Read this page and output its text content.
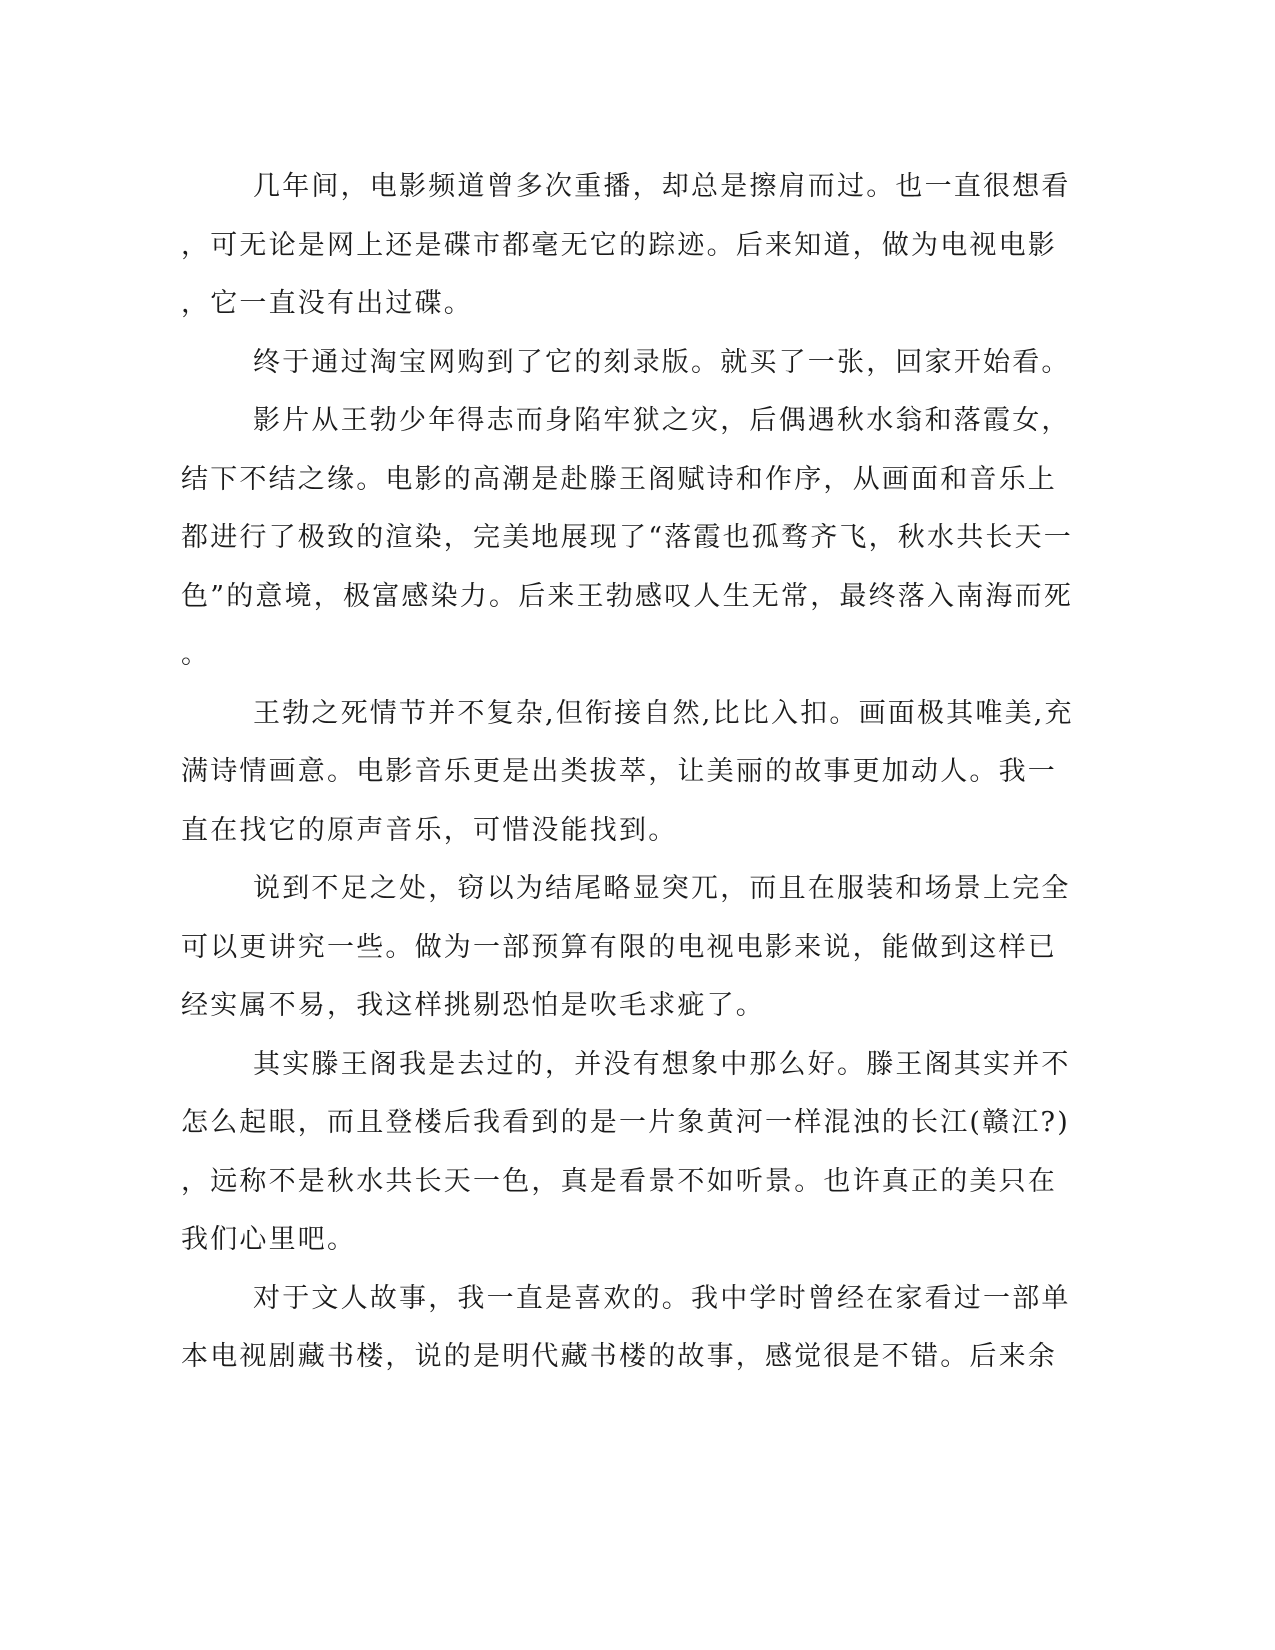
几年间，电影频道曾多次重播，却总是擦肩而过。也一直很想看
，可无论是网上还是碟市都毫无它的踪迹。后来知道，做为电视电影
，它一直没有出过碟。
终于通过淘宝网购到了它的刻录版。就买了一张，回家开始看。
影片从王勃少年得志而身陷牢狱之灾，后偶遇秋水翁和落霞女，
结下不结之缘。电影的高潮是赴滕王阁赋诗和作序，从画面和音乐上
都进行了极致的渲染，完美地展现了“落霞也孤骛齐飞，秋水共长天一
色”的意境，极富感染力。后来王勃感叹人生无常，最终落入南海而死
。
王勃之死情节并不复杂,但衔接自然,比比入扣。画面极其唯美,充
满诗情画意。电影音乐更是出类拔萃，让美丽的故事更加动人。我一
直在找它的原声音乐，可惜没能找到。
说到不足之处，窃以为结尾略显突兀，而且在服装和场景上完全
可以更讲究一些。做为一部预算有限的电视电影来说，能做到这样已
经实属不易，我这样挑剔恐怕是吹毛求疵了。
其实滕王阁我是去过的，并没有想象中那么好。滕王阁其实并不
怎么起眼，而且登楼后我看到的是一片象黄河一样混浊的长江(赣江?)
，远称不是秋水共长天一色，真是看景不如听景。也许真正的美只在
我们心里吧。
对于文人故事，我一直是喜欢的。我中学时曾经在家看过一部单
本电视剧藏书楼，说的是明代藏书楼的故事，感觉很是不错。后来余
